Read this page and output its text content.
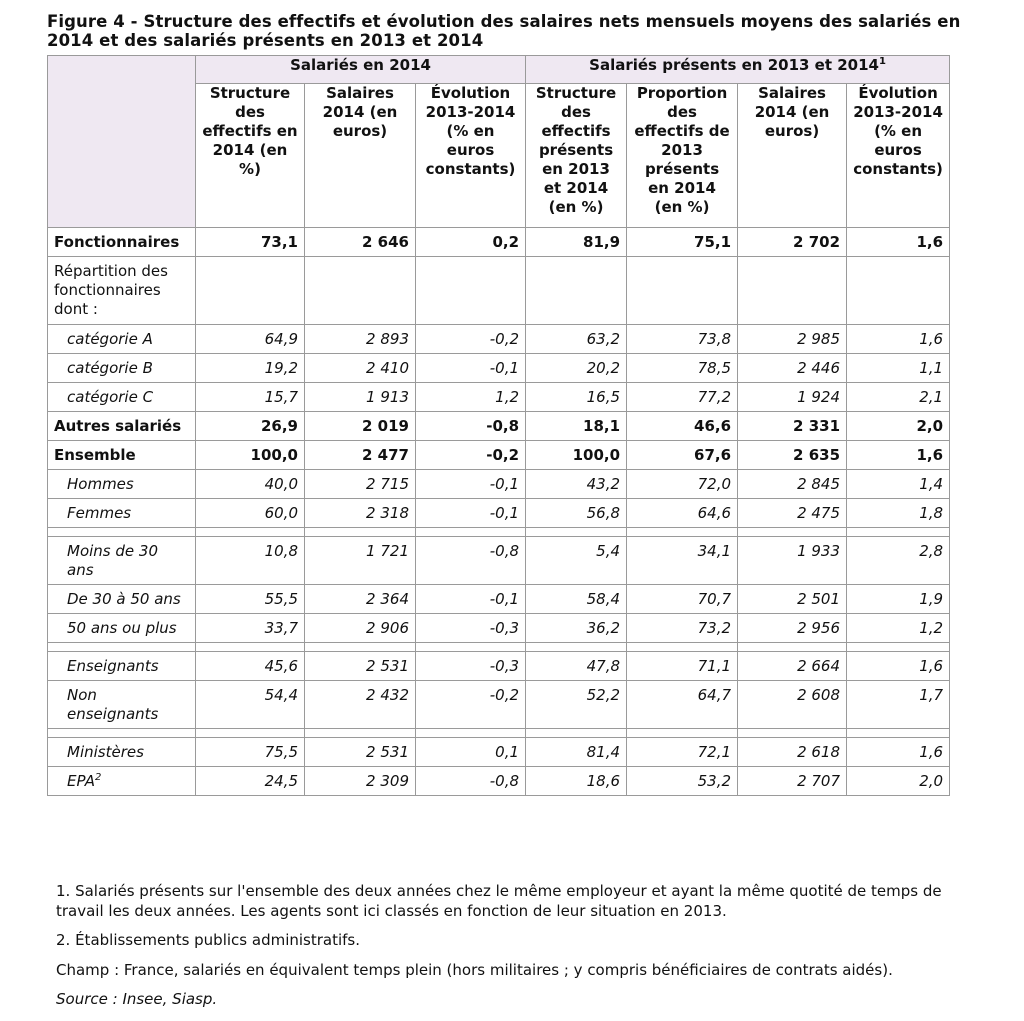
Figure 4 - Structure des effectifs et évolution des salaires nets mensuels moyens des salariés en 2014 et des salariés présents en 2013 et 2014
	Salariés en 2014			Salariés présents en 2013 et 2014$^1$
	Structure des effectifs en 2014 (en %)	Salaires 2014 (en euros)	Évolution 2013-2014 (% en euros constants)	Structure des effectifs présents en 2013 et 2014 (en %)	Proportion des effectifs de 2013 présents en 2014 (en %)	Salaires 2014 (en euros)	Évolution 2013-2014 (% en euros constants)
Fonctionnaires	73,1	2 646	0,2	81,9	75,1	2 702	1,6
Répartition des fonctionnaires dont :							
catégorie A	64,9	2 893	-0,2	63,2	73,8	2 985	1,6
catégorie B	19,2	2 410	-0,1	20,2	78,5	2 446	1,1
catégorie C	15,7	1 913	1,2	16,5	77,2	1 924	2,1
Autres salariés	26,9	2 019	-0,8	18,1	46,6	2 331	2,0
Ensemble	100,0	2 477	-0,2	100,0	67,6	2 635	1,6
Hommes	40,0	2 715	-0,1	43,2	72,0	2 845	1,4
Femmes	60,0	2 318	-0,1	56,8	64,6	2 475	1,8

Moins de 30 ans	10,8	1 721	-0,8	5,4	34,1	1 933	2,8
De 30 à 50 ans	55,5	2 364	-0,1	58,4	70,7	2 501	1,9
50 ans ou plus	33,7	2 906	-0,3	36,2	73,2	2 956	1,2

Enseignants	45,6	2 531	-0,3	47,8	71,1	2 664	1,6
Non enseignants	54,4	2 432	-0,2	52,2	64,7	2 608	1,7

Ministères	75,5	2 531	0,1	81,4	72,1	2 618	1,6
EPA$^2$	24,5	2 309	-0,8	18,6	53,2	2 707	2,0

1. Salariés présents sur l'ensemble des deux années chez le même employeur et ayant la même quotité de temps de travail les deux années. Les agents sont ici classés en fonction de leur situation en 2013.

2. Établissements publics administratifs.

Champ : France, salariés en équivalent temps plein (hors militaires ; y compris bénéficiaires de contrats aidés).

Source : Insee, Siasp.
